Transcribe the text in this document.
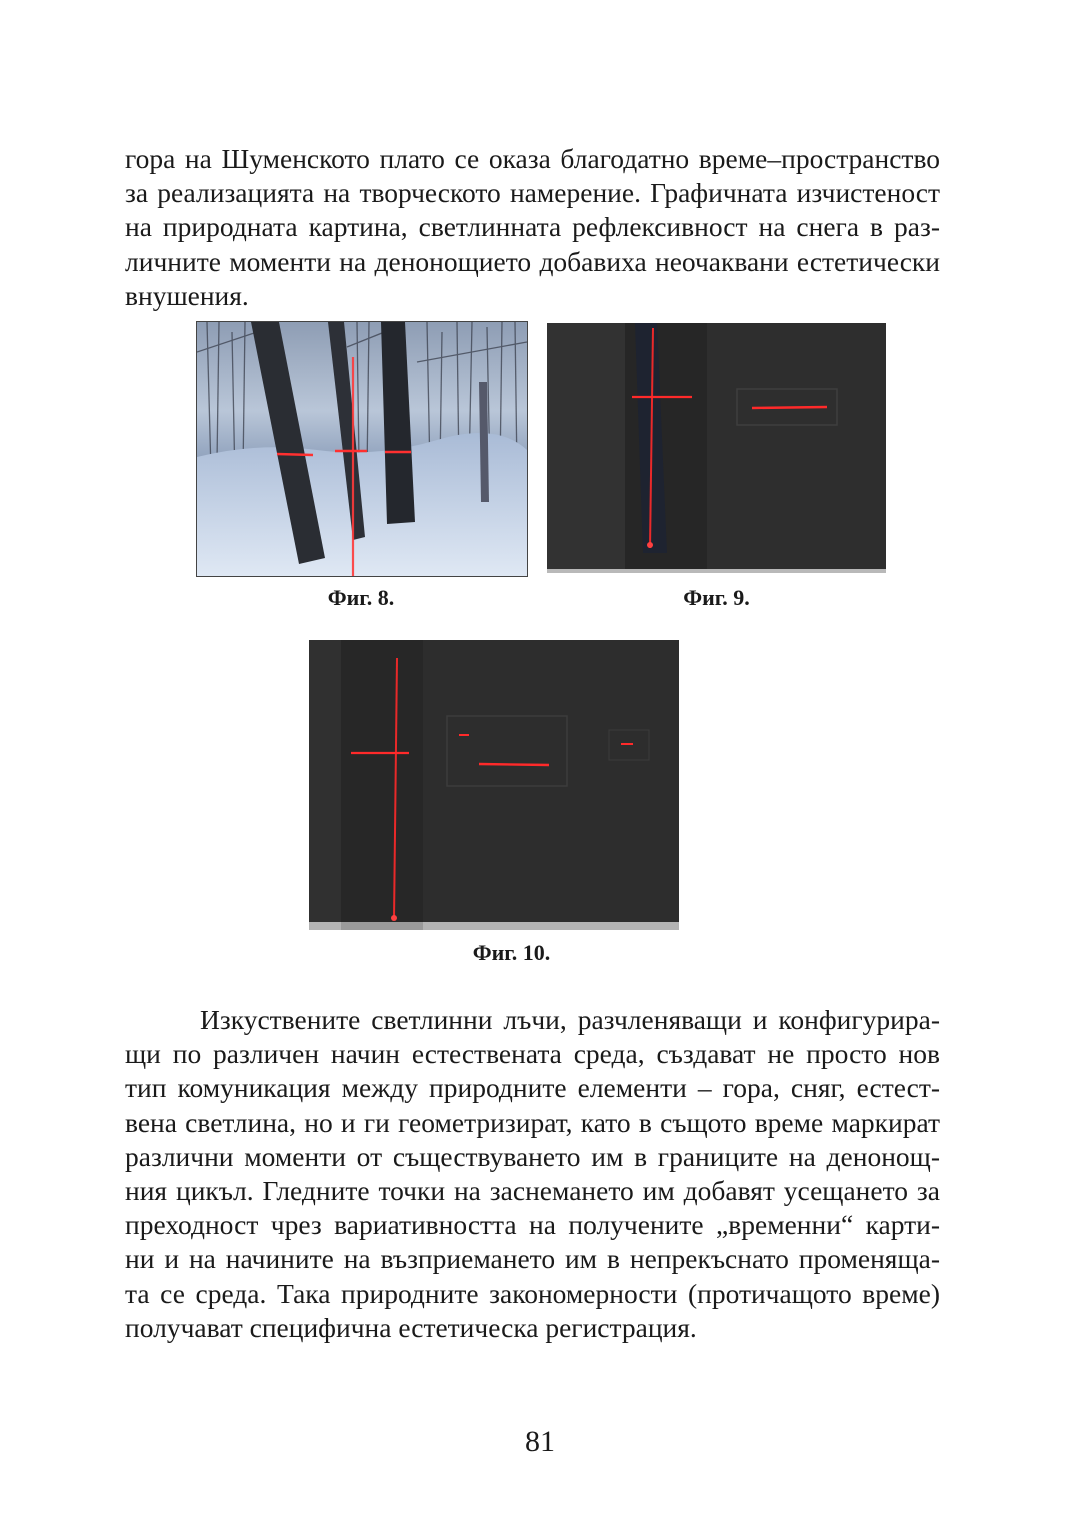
гора на Шуменското плато се оказа благодатно време–пространство
за реализацията на творческото намерение. Графичната изчистеност
на природната картина, светлинната рефлексивност на снега в раз-
личните моменти на денонощието добавиха неочаквани естетически
внушения.
Фиг. 8.	Фиг. 9.
Фиг. 10.
Изкуствените светлинни лъчи, разчленяващи и конфигурира-
щи по различен начин естествената среда, създават не просто нов
тип комуникация между природните елементи – гора, сняг, естест-
вена светлина, но и ги геометризират, като в същото време маркират
различни моменти от съществуването им в границите на денонощ-
ния цикъл. Гледните точки на заснемането им добавят усещането за
преходност чрез вариативността на получените „временни“ карти-
ни и на начините на възприемането им в непрекъснато променяща-
та се среда. Така природните закономерности (протичащото време)
получават специфична естетическа регистрация.
81
